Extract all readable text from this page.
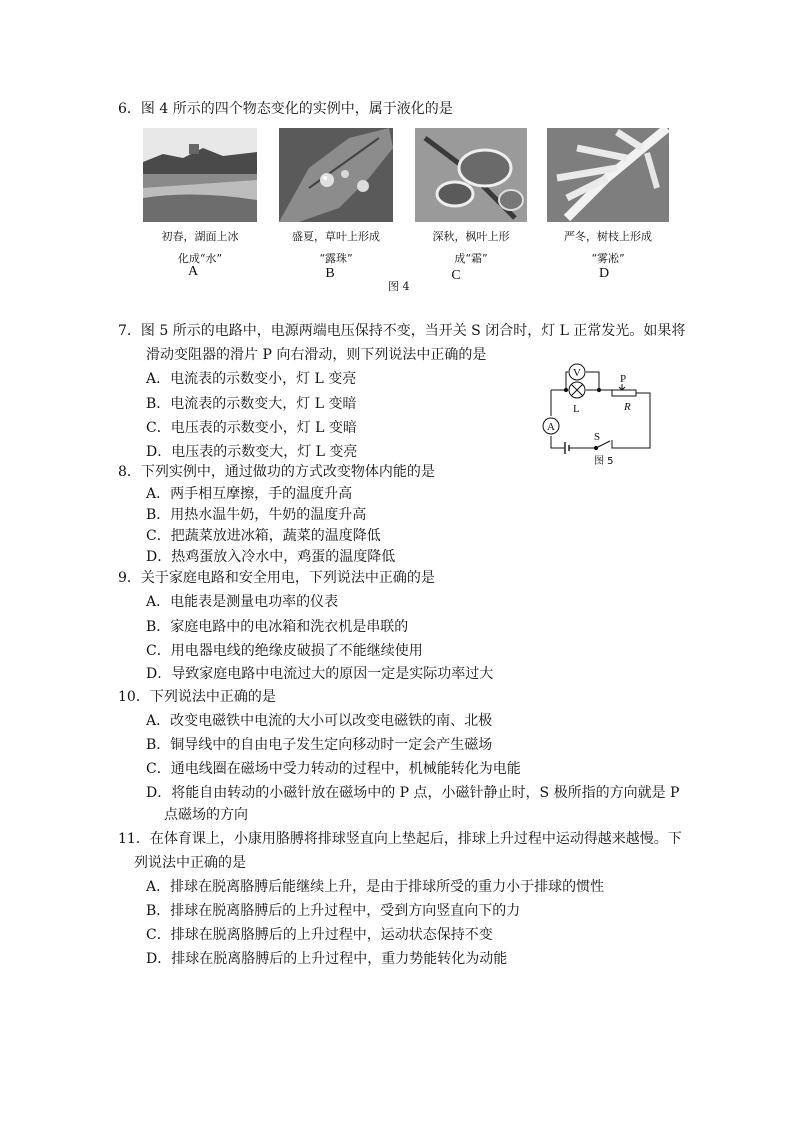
6．图 4 所示的四个物态变化的实例中，属于液化的是
初春，湖面上冰
化成“水”
盛夏，草叶上形成
“露珠”
深秋，枫叶上形
成“霜”
严冬，树枝上形成
“雾凇”
A	B	C	D
图 4
7．图 5 所示的电路中，电源两端电压保持不变，当开关 S 闭合时，灯 L 正常发光。如果将
滑动变阻器的滑片 P 向右滑动，则下列说法中正确的是
A．电流表的示数变小，灯 L 变亮
B．电流表的示数变大，灯 L 变暗
C．电压表的示数变小，灯 L 变暗
D．电压表的示数变大，灯 L 变亮
V
L
P
R
A
S
图 5
8．下列实例中，通过做功的方式改变物体内能的是
A．两手相互摩擦，手的温度升高
B．用热水温牛奶，牛奶的温度升高
C．把蔬菜放进冰箱，蔬菜的温度降低
D．热鸡蛋放入冷水中，鸡蛋的温度降低
9．关于家庭电路和安全用电，下列说法中正确的是
A．电能表是测量电功率的仪表
B．家庭电路中的电冰箱和洗衣机是串联的
C．用电器电线的绝缘皮破损了不能继续使用
D．导致家庭电路中电流过大的原因一定是实际功率过大
10．下列说法中正确的是
A．改变电磁铁中电流的大小可以改变电磁铁的南、北极
B．铜导线中的自由电子发生定向移动时一定会产生磁场
C．通电线圈在磁场中受力转动的过程中，机械能转化为电能
D．将能自由转动的小磁针放在磁场中的 P 点，小磁针静止时，S 极所指的方向就是 P
点磁场的方向
11．在体育课上，小康用胳膊将排球竖直向上垫起后，排球上升过程中运动得越来越慢。下
列说法中正确的是
A．排球在脱离胳膊后能继续上升，是由于排球所受的重力小于排球的惯性
B．排球在脱离胳膊后的上升过程中，受到方向竖直向下的力
C．排球在脱离胳膊后的上升过程中，运动状态保持不变
D．排球在脱离胳膊后的上升过程中，重力势能转化为动能
